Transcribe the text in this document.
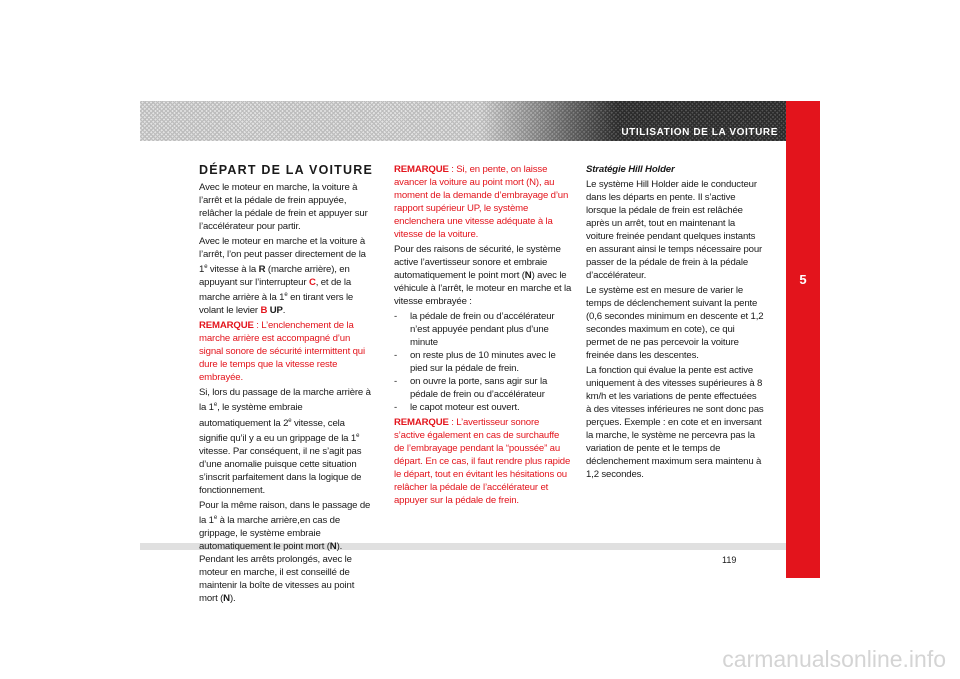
UTILISATION DE LA VOITURE
5
119
DÉPART DE LA VOITURE

Avec le moteur en marche, la voiture à l’arrêt et la pédale de frein appuyée, relâcher la pédale de frein et appuyer sur l’accélérateur pour partir.

Avec le moteur en marche et la voiture à l’arrêt, l’on peut passer directement de la 1e vitesse à la R (marche arrière), en appuyant sur l’interrupteur C, et de la marche arrière à la 1e en tirant vers le volant le levier B UP.

REMARQUE : L’enclenchement de la marche arrière est accompagné d’un signal sonore de sécurité intermittent qui dure le temps que la vitesse reste embrayée.

Si, lors du passage de la marche arrière à la 1e, le système embraie automatiquement la 2e vitesse, cela signifie qu’il y a eu un grippage de la 1e vitesse. Par conséquent, il ne s’agit pas d’une anomalie puisque cette situation s’inscrit parfaitement dans la logique de fonctionnement.

Pour la même raison, dans le passage de la 1e à la marche arrière,en cas de grippage, le système embraie automatiquement le point mort (N). Pendant les arrêts prolongés, avec le moteur en marche, il est conseillé de maintenir la boîte de vitesses au point mort (N).

REMARQUE : Si, en pente, on laisse avancer la voiture au point mort (N), au moment de la demande d’embrayage d’un rapport supérieur UP, le système enclenchera une vitesse adéquate à la vitesse de la voiture.

Pour des raisons de sécurité, le système active l’avertisseur sonore et embraie automatiquement le point mort (N) avec le véhicule à l’arrêt, le moteur en marche et la vitesse embrayée :

- la pédale de frein ou d’accélérateur n’est appuyée pendant plus d’une minute
- on reste plus de 10 minutes avec le pied sur la pédale de frein.
- on ouvre la porte, sans agir sur la pédale de frein ou d’accélérateur
- le capot moteur est ouvert.

REMARQUE : L’avertisseur sonore s’active également en cas de surchauffe de l’embrayage pendant la “poussée” au départ. En ce cas, il faut rendre plus rapide le départ, tout en évitant les hésitations ou relâcher la pédale de l’accélérateur et appuyer sur la pédale de frein.

Stratégie Hill Holder

Le système Hill Holder aide le conducteur dans les départs en pente. Il s’active lorsque la pédale de frein est relâchée après un arrêt, tout en maintenant la voiture freinée pendant quelques instants en assurant ainsi le temps nécessaire pour passer de la pédale de frein à la pédale d’accélérateur.

Le système est en mesure de varier le temps de déclenchement suivant la pente (0,6 secondes minimum en descente et 1,2 secondes maximum en cote), ce qui permet de ne pas percevoir la voiture freinée dans les descentes.

La fonction qui évalue la pente est active uniquement à des vitesses supérieures à 8 km/h et les variations de pente effectuées à des vitesses inférieures ne sont donc pas perçues. Exemple : en cote et en inversant la marche, le système ne percevra pas la variation de pente et le temps de déclenchement maximum sera maintenu à 1,2 secondes.

carmanualsonline.info
